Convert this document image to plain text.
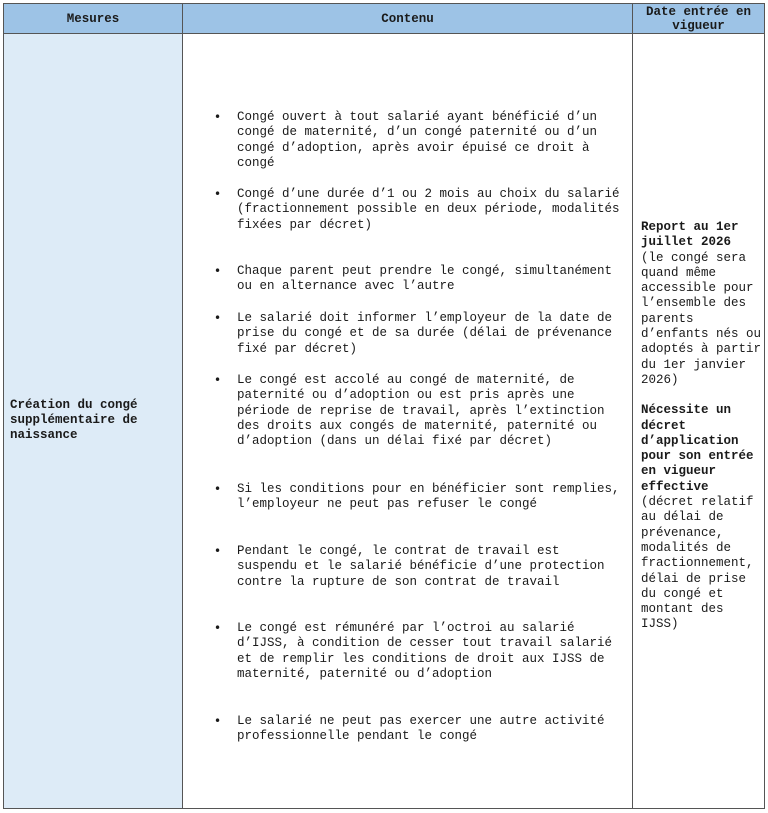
Mesures	Contenu	Date entrée en vigueur
Création du congé supplémentaire de naissance
• Congé ouvert à tout salarié ayant bénéficié d’un congé de maternité, d’un congé paternité ou d’un congé d’adoption, après avoir épuisé ce droit à congé
• Congé d’une durée d’1 ou 2 mois au choix du salarié (fractionnement possible en deux période, modalités fixées par décret)
• Chaque parent peut prendre le congé, simultanément ou en alternance avec l’autre
• Le salarié doit informer l’employeur de la date de prise du congé et de sa durée (délai de prévenance fixé par décret)
• Le congé est accolé au congé de maternité, de paternité ou d’adoption ou est pris après une période de reprise de travail, après l’extinction des droits aux congés de maternité, paternité ou d’adoption (dans un délai fixé par décret)
• Si les conditions pour en bénéficier sont remplies, l’employeur ne peut pas refuser le congé
• Pendant le congé, le contrat de travail est suspendu et le salarié bénéficie d’une protection contre la rupture de son contrat de travail
• Le congé est rémunéré par l’octroi au salarié d’IJSS, à condition de cesser tout travail salarié et de remplir les conditions de droit aux IJSS de maternité, paternité ou d’adoption
• Le salarié ne peut pas exercer une autre activité professionnelle pendant le congé

Report au 1er juillet 2026

(le congé sera quand même accessible pour l’ensemble des parents d’enfants nés ou adoptés à partir du 1er janvier 2026)

Nécessite un décret d’application pour son entrée en vigueur effective

(décret relatif au délai de prévenance, modalités de fractionnement, délai de prise du congé et montant des IJSS)
